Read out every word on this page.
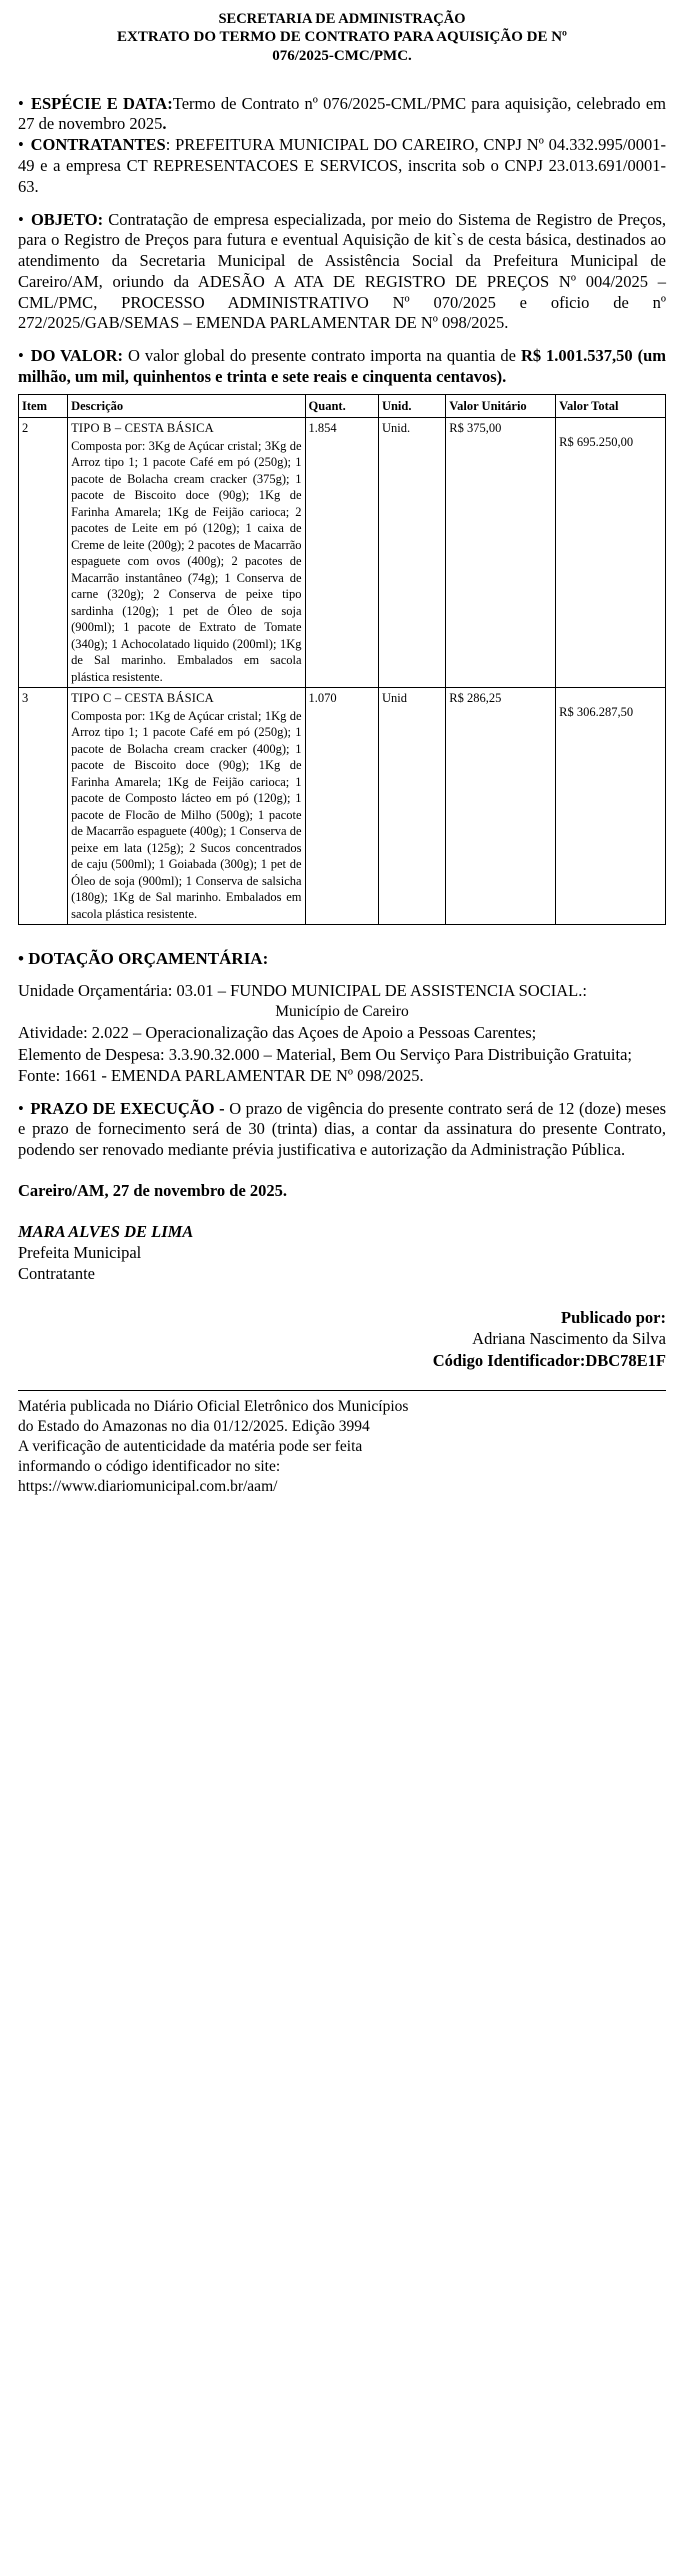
SECRETARIA DE ADMINISTRAÇÃO
EXTRATO DO TERMO DE CONTRATO PARA AQUISIÇÃO DE Nº
076/2025-CMC/PMC.

• ESPÉCIE E DATA:Termo de Contrato nº 076/2025-CML/PMC para aquisição, celebrado em 27 de novembro 2025.

• CONTRATANTES: PREFEITURA MUNICIPAL DO CAREIRO, CNPJ Nº 04.332.995/0001-49 e a empresa CT REPRESENTACOES E SERVICOS, inscrita sob o CNPJ 23.013.691/0001-63.

• OBJETO: Contratação de empresa especializada, por meio do Sistema de Registro de Preços, para o Registro de Preços para futura e eventual Aquisição de kit`s de cesta básica, destinados ao atendimento da Secretaria Municipal de Assistência Social da Prefeitura Municipal de Careiro/AM, oriundo da ADESÃO A ATA DE REGISTRO DE PREÇOS Nº 004/2025 – CML/PMC, PROCESSO ADMINISTRATIVO Nº 070/2025 e oficio de nº 272/2025/GAB/SEMAS – EMENDA PARLAMENTAR DE Nº 098/2025.

• DO VALOR: O valor global do presente contrato importa na quantia de R$ 1.001.537,50 (um milhão, um mil, quinhentos e trinta e sete reais e cinquenta centavos).

Item	Descrição	Quant.	Unid.	Valor Unitário	Valor Total
2	TIPO B – CESTA BÁSICA
Composta por: 3Kg de Açúcar cristal; 3Kg de Arroz tipo 1; 1 pacote Café em pó (250g); 1 pacote de Bolacha cream cracker (375g); 1 pacote de Biscoito doce (90g); 1Kg de Farinha Amarela; 1Kg de Feijão carioca; 2 pacotes de Leite em pó (120g); 1 caixa de Creme de leite (200g); 2 pacotes de Macarrão espaguete com ovos (400g); 2 pacotes de Macarrão instantâneo (74g); 1 Conserva de carne (320g); 2 Conserva de peixe tipo sardinha (120g); 1 pet de Óleo de soja (900ml); 1 pacote de Extrato de Tomate (340g); 1 Achocolatado liquido (200ml); 1Kg de Sal marinho. Embalados em sacola plástica resistente.	1.854	Unid.	R$ 375,00	R$ 695.250,00

3	TIPO C – CESTA BÁSICA
Composta por: 1Kg de Açúcar cristal; 1Kg de Arroz tipo 1; 1 pacote Café em pó (250g); 1 pacote de Bolacha cream cracker (400g); 1 pacote de Biscoito doce (90g); 1Kg de Farinha Amarela; 1Kg de Feijão carioca; 1 pacote de Composto lácteo em pó (120g); 1 pacote de Flocão de Milho (500g); 1 pacote de Macarrão espaguete (400g); 1 Conserva de peixe em lata (125g); 2 Sucos concentrados de caju (500ml); 1 Goiabada (300g); 1 pet de Óleo de soja (900ml); 1 Conserva de salsicha (180g); 1Kg de Sal marinho. Embalados em sacola plástica resistente.	1.070	Unid	R$ 286,25	R$ 306.287,50
• DOTAÇÃO ORÇAMENTÁRIA:

Unidade Orçamentária: 03.01 – FUNDO MUNICIPAL DE ASSISTENCIA SOCIAL.:

Município de Careiro
Atividade: 2.022 – Operacionalização das Açoes de Apoio a Pessoas Carentes;
Elemento de Despesa: 3.3.90.32.000 – Material, Bem Ou Serviço Para Distribuição Gratuita;
Fonte: 1661 - EMENDA PARLAMENTAR DE Nº 098/2025.

• PRAZO DE EXECUÇÃO - O prazo de vigência do presente contrato será de 12 (doze) meses e prazo de fornecimento será de 30 (trinta) dias, a contar da assinatura do presente Contrato, podendo ser renovado mediante prévia justificativa e autorização da Administração Pública.

Careiro/AM, 27 de novembro de 2025.

MARA ALVES DE LIMA
Prefeita Municipal
Contratante
Publicado por:
Adriana Nascimento da Silva
Código Identificador:DBC78E1F
Matéria publicada no Diário Oficial Eletrônico dos Municípios
do Estado do Amazonas no dia 01/12/2025. Edição 3994
A verificação de autenticidade da matéria pode ser feita
informando o código identificador no site:
https://www.diariomunicipal.com.br/aam/
